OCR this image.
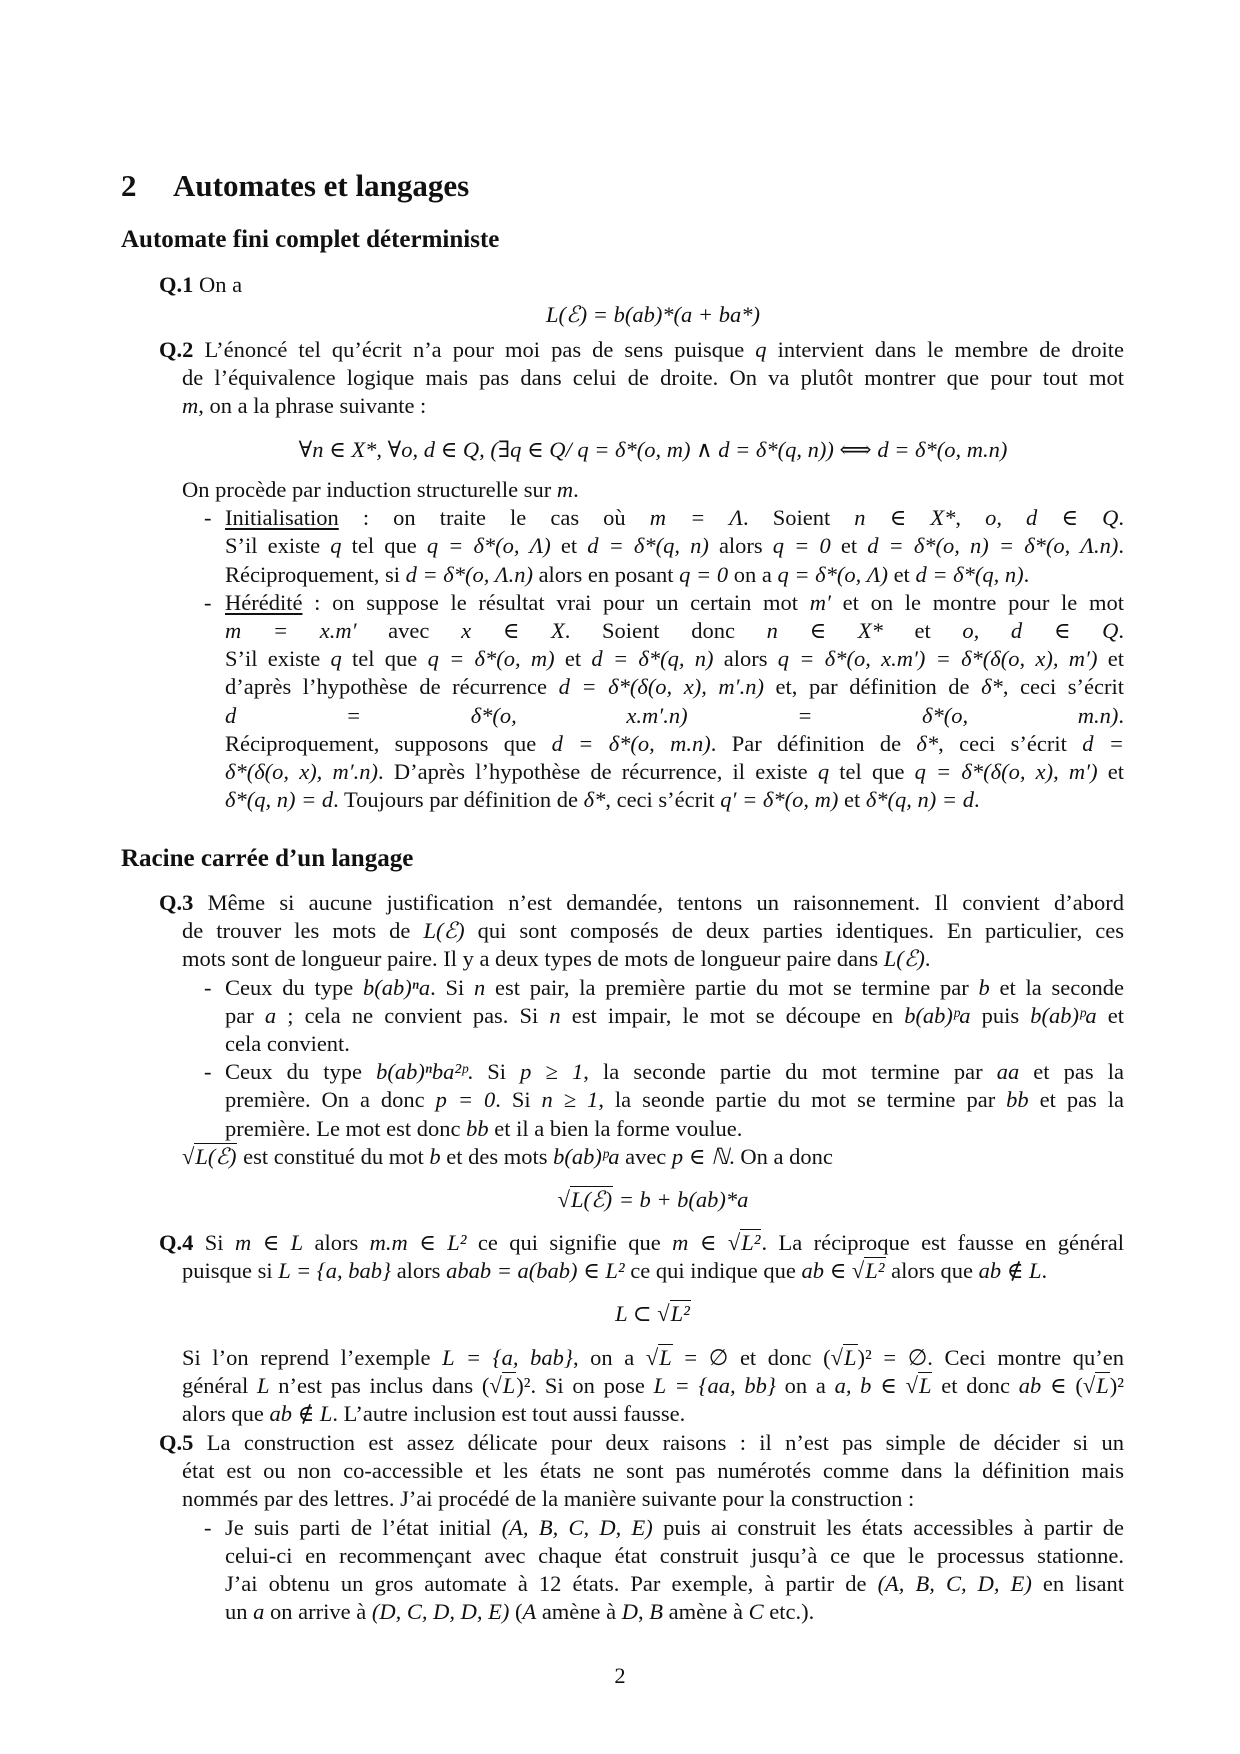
2 Automates et langages
Automate fini complet déterministe
Q.1 On a
L(ℰ) = b(ab)*(a + ba*)
Q.2 L’énoncé tel qu’écrit n’a pour moi pas de sens puisque q intervient dans le membre de droite
de l’équivalence logique mais pas dans celui de droite. On va plutôt montrer que pour tout mot
m, on a la phrase suivante :
∀n ∈ X*, ∀o, d ∈ Q, (∃q ∈ Q/ q = δ*(o, m) ∧ d = δ*(q, n)) ⟺ d = δ*(o, m.n)
On procède par induction structurelle sur m.
- Initialisation : on traite le cas où m = Λ. Soient n ∈ X*, o, d ∈ Q.
S’il existe q tel que q = δ*(o, Λ) et d = δ*(q, n) alors q = 0 et d = δ*(o, n) = δ*(o, Λ.n).
Réciproquement, si d = δ*(o, Λ.n) alors en posant q = 0 on a q = δ*(o, Λ) et d = δ*(q, n).
- Hérédité : on suppose le résultat vrai pour un certain mot m′ et on le montre pour le mot
m = x.m′ avec x ∈ X. Soient donc n ∈ X* et o, d ∈ Q.
S’il existe q tel que q = δ*(o, m) et d = δ*(q, n) alors q = δ*(o, x.m′) = δ*(δ(o, x), m′) et
d’après l’hypothèse de récurrence d = δ*(δ(o, x), m′.n) et, par définition de δ*, ceci s’écrit
d = δ*(o, x.m′.n) = δ*(o, m.n).
Réciproquement, supposons que d = δ*(o, m.n). Par définition de δ*, ceci s’écrit d =
δ*(δ(o, x), m′.n). D’après l’hypothèse de récurrence, il existe q tel que q = δ*(δ(o, x), m′) et
δ*(q, n) = d. Toujours par définition de δ*, ceci s’écrit q′ = δ*(o, m) et δ*(q, n) = d.
Racine carrée d’un langage
Q.3 Même si aucune justification n’est demandée, tentons un raisonnement. Il convient d’abord
de trouver les mots de L(ℰ) qui sont composés de deux parties identiques. En particulier, ces
mots sont de longueur paire. Il y a deux types de mots de longueur paire dans L(ℰ).
- Ceux du type b(ab)ⁿa. Si n est pair, la première partie du mot se termine par b et la seconde
par a ; cela ne convient pas. Si n est impair, le mot se découpe en b(ab)ᵖa puis b(ab)ᵖa et
cela convient.
- Ceux du type b(ab)ⁿba²ᵖ. Si p ≥ 1, la seconde partie du mot termine par aa et pas la
première. On a donc p = 0. Si n ≥ 1, la seonde partie du mot se termine par bb et pas la
première. Le mot est donc bb et il a bien la forme voulue.
√ L(ℰ) est constitué du mot b et des mots b(ab)ᵖa avec p ∈ ℕ. On a donc
√ L(ℰ) = b + b(ab)*a
Q.4 Si m ∈ L alors m.m ∈ L² ce qui signifie que m ∈ √ L². La réciproque est fausse en général
puisque si L = {a, bab} alors abab = a(bab) ∈ L² ce qui indique que ab ∈ √ L² alors que ab ∉ L.
L ⊂ √ L²
Si l’on reprend l’exemple L = {a, bab}, on a √ L = ∅ et donc ( √ L)² = ∅. Ceci montre qu’en
général L n’est pas inclus dans ( √ L)². Si on pose L = {aa, bb} on a a, b ∈ √ L et donc ab ∈ ( √ L)²
alors que ab ∉ L. L’autre inclusion est tout aussi fausse.
Q.5 La construction est assez délicate pour deux raisons : il n’est pas simple de décider si un
état est ou non co-accessible et les états ne sont pas numérotés comme dans la définition mais
nommés par des lettres. J’ai procédé de la manière suivante pour la construction :
- Je suis parti de l’état initial (A, B, C, D, E) puis ai construit les états accessibles à partir de
celui-ci en recommençant avec chaque état construit jusqu’à ce que le processus stationne.
J’ai obtenu un gros automate à 12 états. Par exemple, à partir de (A, B, C, D, E) en lisant
un a on arrive à (D, C, D, D, E) (A amène à D, B amène à C etc.).
2
